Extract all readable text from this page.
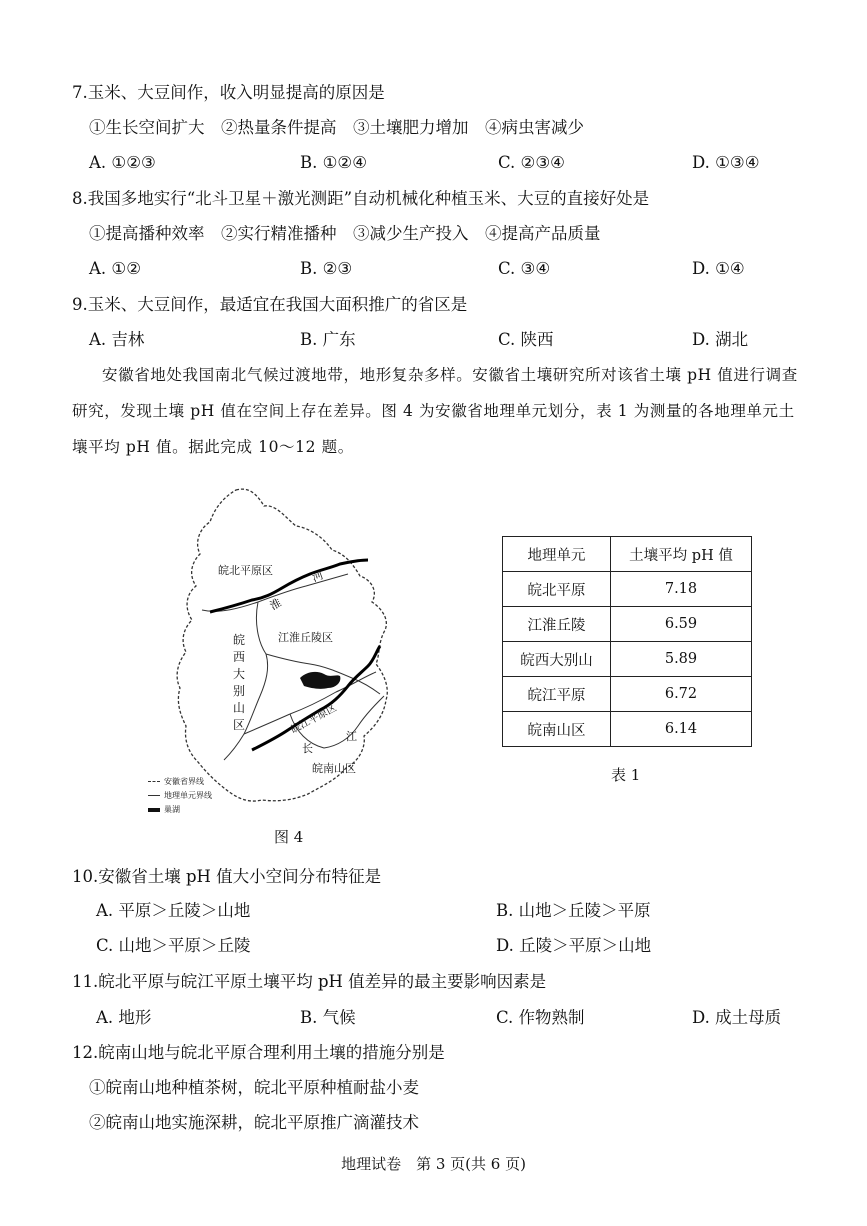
7.玉米、大豆间作，收入明显提高的原因是
①生长空间扩大　②热量条件提高　③土壤肥力增加　④病虫害减少
A. ①②③	B. ①②④	C. ②③④	D. ①③④
8.我国多地实行“北斗卫星＋激光测距”自动机械化种植玉米、大豆的直接好处是
①提高播种效率　②实行精准播种　③减少生产投入　④提高产品质量
A. ①②	B. ②③	C. ③④	D. ①④
9.玉米、大豆间作，最适宜在我国大面积推广的省区是
A. 吉林	B. 广东	C. 陕西	D. 湖北
安徽省地处我国南北气候过渡地带，地形复杂多样。安徽省土壤研究所对该省土壤 pH 值进行调查研究，发现土壤 pH 值在空间上存在差异。图 4 为安徽省地理单元划分，表 1 为测量的各地理单元土壤平均 pH 值。据此完成 10～12 题。
皖北平原区
江淮丘陵区
皖南山区
皖江平原区
皖
西
大
别
山
区
淮
河
长
江
安徽省界线
地理单元界线
巢湖
图 4
地理单元	土壤平均 pH 值
皖北平原	7.18
江淮丘陵	6.59
皖西大别山	5.89
皖江平原	6.72
皖南山区	6.14
表 1
10.安徽省土壤 pH 值大小空间分布特征是
A. 平原＞丘陵＞山地	B. 山地＞丘陵＞平原
C. 山地＞平原＞丘陵	D. 丘陵＞平原＞山地
11.皖北平原与皖江平原土壤平均 pH 值差异的最主要影响因素是
A. 地形	B. 气候	C. 作物熟制	D. 成土母质
12.皖南山地与皖北平原合理利用土壤的措施分别是
①皖南山地种植茶树，皖北平原种植耐盐小麦
②皖南山地实施深耕，皖北平原推广滴灌技术
地理试卷　第 3 页(共 6 页)
